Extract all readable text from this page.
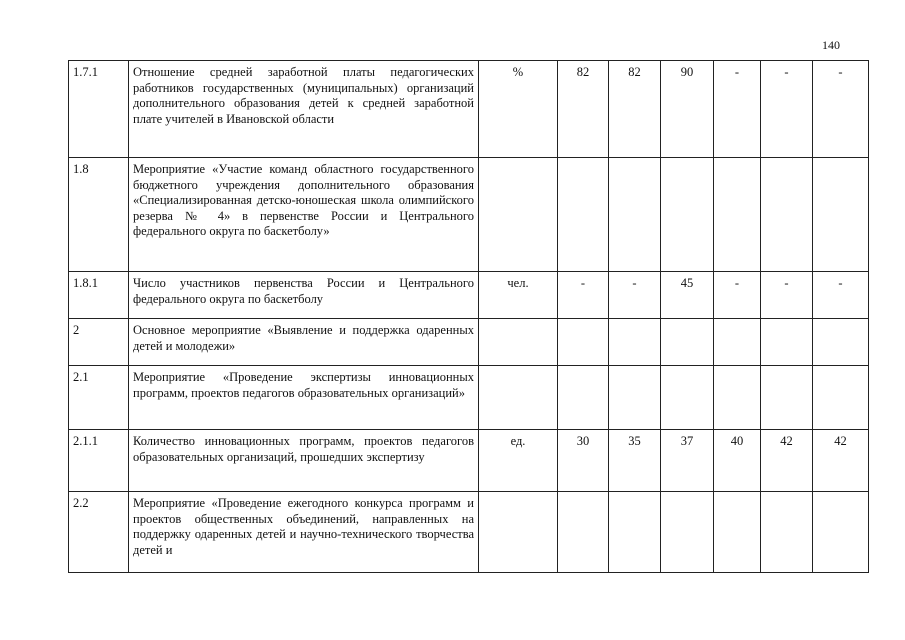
140
1.7.1	Отношение средней заработной платы педагогических работников государственных (муниципальных) организаций дополнительного образования детей к средней заработной плате учителей в Ивановской области	%	82	82	90	-	-	-
1.8	Мероприятие «Участие команд областного государственного бюджетного учреждения дополнительного образования «Специализированная детско-юношеская школа олимпийского резерва № 4» в первенстве России и Центрального федерального округа по баскетболу»							
1.8.1	Число участников первенства России и Центрального федерального округа по баскетболу	чел.	-	-	45	-	-	-
2	Основное мероприятие «Выявление и поддержка одаренных детей и молодежи»							
2.1	Мероприятие «Проведение экспертизы инновационных программ, проектов педагогов образовательных организаций»							
2.1.1	Количество инновационных программ, проектов педагогов образовательных организаций, прошедших экспертизу	ед.	30	35	37	40	42	42
2.2	Мероприятие «Проведение ежегодного конкурса программ и проектов общественных объединений, направленных на поддержку одаренных детей и научно-технического творчества детей и							
